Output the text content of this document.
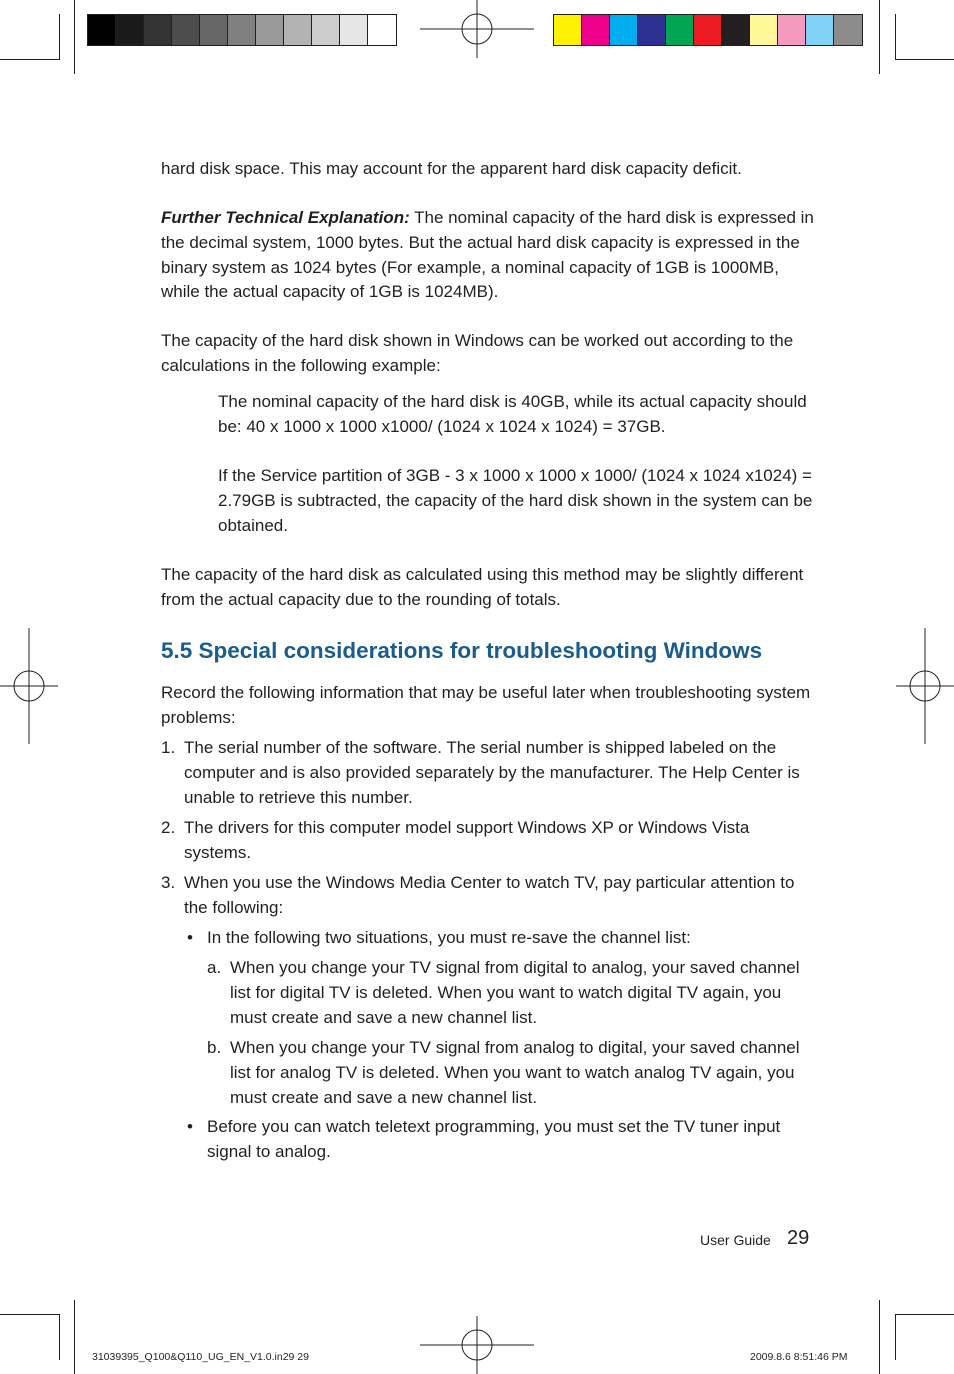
hard disk space. This may account for the apparent hard disk capacity deficit.

Further Technical Explanation: The nominal capacity of the hard disk is expressed in the decimal system, 1000 bytes. But the actual hard disk capacity is expressed in the binary system as 1024 bytes (For example, a nominal capacity of 1GB is 1000MB, while the actual capacity of 1GB is 1024MB).

The capacity of the hard disk shown in Windows can be worked out according to the calculations in the following example:

The nominal capacity of the hard disk is 40GB, while its actual capacity should be: 40 x 1000 x 1000 x1000/ (1024 x 1024 x 1024) = 37GB.

If the Service partition of 3GB - 3 x 1000 x 1000 x 1000/ (1024 x 1024 x1024) = 2.79GB is subtracted, the capacity of the hard disk shown in the system can be obtained.

The capacity of the hard disk as calculated using this method may be slightly different from the actual capacity due to the rounding of totals.

5.5 Special considerations for troubleshooting Windows

Record the following information that may be useful later when troubleshooting system problems:

1. The serial number of the software. The serial number is shipped labeled on the computer and is also provided separately by the manufacturer. The Help Center is unable to retrieve this number.
2. The drivers for this computer model support Windows XP or Windows Vista systems.
3. When you use the Windows Media Center to watch TV, pay particular attention to the following:
• In the following two situations, you must re-save the channel list:
a. When you change your TV signal from digital to analog, your saved channel list for digital TV is deleted. When you want to watch digital TV again, you must create and save a new channel list.
b. When you change your TV signal from analog to digital, your saved channel list for analog TV is deleted. When you want to watch analog TV again, you must create and save a new channel list.
• Before you can watch teletext programming, you must set the TV tuner input signal to analog.
User Guide 29
31039395_Q100&Q110_UG_EN_V1.0.in29 29	2009.8.6 8:51:46 PM
